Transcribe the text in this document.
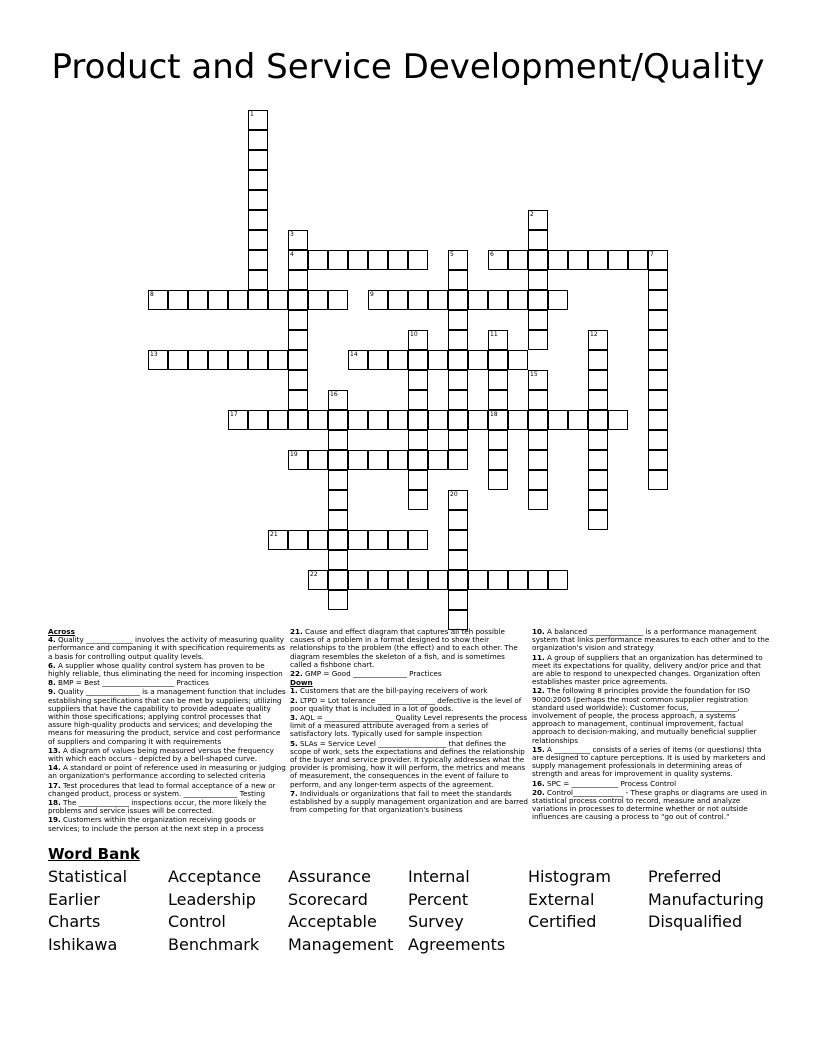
Product and Service Development/Quality
1
2
3
4	5	6	7
8	9
10	11
18
12
13	14
15
16
17
19
20
21
22
Across
4. Quality _____________ involves the activity of measuring quality performance and companing it with specification requirements as a basis for controlling output quality levels.
6. A supplier whose quality control system has proven to be highly reliable, thus eliminating the need for incoming inspection
8. BMP = Best ____________________ Practices
9. Quality _______________ is a management function that includes establishing specifications that can be met by suppliers; utilizing suppliers that have the capability to provide adequate quality within those specifications; applying control processes that assure high-quality products and services; and developing the means for measuring the product, service and cost performance of suppliers and comparing it with requirements
13. A diagram of values being measured versus the frequency with which each occurs - depicted by a bell-shaped curve.
14. A standard or point of reference used in measuring or judging an organization's performance according to selected criteria
17. Test procedures that lead to formal acceptance of a new or changed product, process or system. _______________ Testing
18. The ______________ inspections occur, the more likely the problems and service issues will be corrected.
19. Customers within the organization receiving goods or services; to include the person at the next step in a process
21. Cause and effect diagram that captures all teh possible causes of a problem in a format designed to show their relationships to the problem (the effect) and to each other. The diagram resembles the skeleton of a fish, and is sometimes called a fishbone chart.
22. GMP = Good _______________ Practices
Down
1. Customers that are the bill-paying receivers of work
2. LTPD = Lot tolerance ________________ defective is the level of poor quality that is included in a lot of goods.
3. AQL = ___________________ Quality Level represents the process limit of a measured attribute averaged from a series of satisfactory lots. Typically used for sample inspection
5. SLAs = Service Level ___________________ that defines the scope of work, sets the expectations and defines the relationship of the buyer and service provider. It typically addresses what the provider is promising, how it will perform, the metrics and means of measurement, the consequences in the event of failure to perform, and any longer-term aspects of the agreement.
7. Individuals or organizations that fail to meet the standards established by a supply management organization and are barred from competing for that organization's business
10. A balanced _______________ is a performance management system that links performance measures to each other and to the organization's vision and strategy
11. A group of suppliers that an organization has determined to meet its expectations for quality, delivery and/or price and that are able to respond to unexpected changes. Organization often establishes master price agreements.
12. The following 8 principles provide the foundation for ISO 9000:2005 (perhaps the most common supplier registration standard used worldwide): Customer focus, _____________, involvement of people, the process approach, a systems approach to management, continual improvement, factual approach to decision-making, and mutually beneficial supplier relationships
15. A __________ consists of a series of items (or questions) thta are designed to capture perceptions. It is used by marketers and supply management professionals in determining areas of strength and areas for improvement in quality systems.
16. SPC = _____________ Process Control
20. Control______________ - These graphs or diagrams are used in statistical process control to record, measure and analyze variations in processes to determine whether or not outside influences are causing a process to "go out of control."
Word Bank
Statistical
Earlier
Charts
Ishikawa
Acceptance
Leadership
Control
Benchmark
Assurance
Scorecard
Acceptable
Management
Internal
Percent
Survey
Agreements
Histogram
External
Certified
Preferred
Manufacturing
Disqualified
